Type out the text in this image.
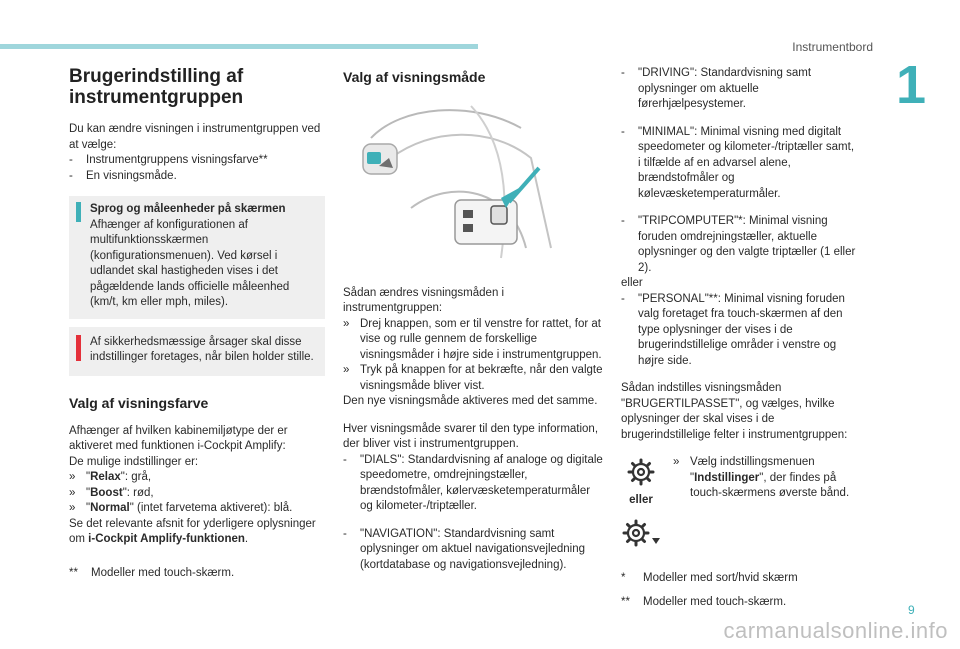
Instrumentbord
1
Brugerindstilling af instrumentgruppen

Du kan ændre visningen i instrumentgruppen ved at vælge:

- Instrumentgruppens visningsfarve**

- En visningsmåde.

Sprog og måleenheder på skærmen

Afhænger af konfigurationen af multifunktionsskærmen (konfigurationsmenuen). Ved kørsel i udlandet skal hastigheden vises i det pågældende lands officielle måleenhed (km/t, km eller mph, miles).

Af sikkerhedsmæssige årsager skal disse indstillinger foretages, når bilen holder stille.

Valg af visningsfarve

Afhænger af hvilken kabinemiljøtype der er aktiveret med funktionen i-Cockpit Amplify:

De mulige indstillinger er:

» "Relax": grå,

» "Boost": rød,

» "Normal" (intet farvetema aktiveret): blå.

Se det relevante afsnit for yderligere oplysninger om i-Cockpit Amplify-funktionen.

** Modeller med touch-skærm.

Valg af visningsmåde

Sådan ændres visningsmåden i instrumentgruppen:

» Drej knappen, som er til venstre for rattet, for at vise og rulle gennem de forskellige visningsmåder i højre side i instrumentgruppen.

» Tryk på knappen for at bekræfte, når den valgte visningsmåde bliver vist.

Den nye visningsmåde aktiveres med det samme.

Hver visningsmåde svarer til den type information, der bliver vist i instrumentgruppen.

- "DIALS": Standardvisning af analoge og digitale speedometre, omdrejningstæller, brændstofmåler, kølervæsketemperaturmåler og kilometer-/triptæller.

- "NAVIGATION": Standardvisning samt oplysninger om aktuel navigationsvejledning (kortdatabase og navigationsvejledning).

- "DRIVING": Standardvisning samt oplysninger om aktuelle førerhjælpesystemer.

- "MINIMAL": Minimal visning med digitalt speedometer og kilometer-/triptæller samt, i tilfælde af en advarsel alene, brændstofmåler og kølevæsketemperaturmåler.

- "TRIPCOMPUTER"*: Minimal visning foruden omdrejningstæller, aktuelle oplysninger og den valgte triptæller (1 eller 2).

eller

- "PERSONAL"**: Minimal visning foruden valg foretaget fra touch-skærmen af den type oplysninger der vises i de brugerindstillelige områder i venstre og højre side.

Sådan indstilles visningsmåden "BRUGERTILPASSET", og vælges, hvilke oplysninger der skal vises i de brugerindstillelige felter i instrumentgruppen:

eller

» Vælg indstillingsmenuen "Indstillinger", der findes på touch-skærmens øverste bånd.

* Modeller med sort/hvid skærm

** Modeller med touch-skærm.

9
carmanualsonline.info
